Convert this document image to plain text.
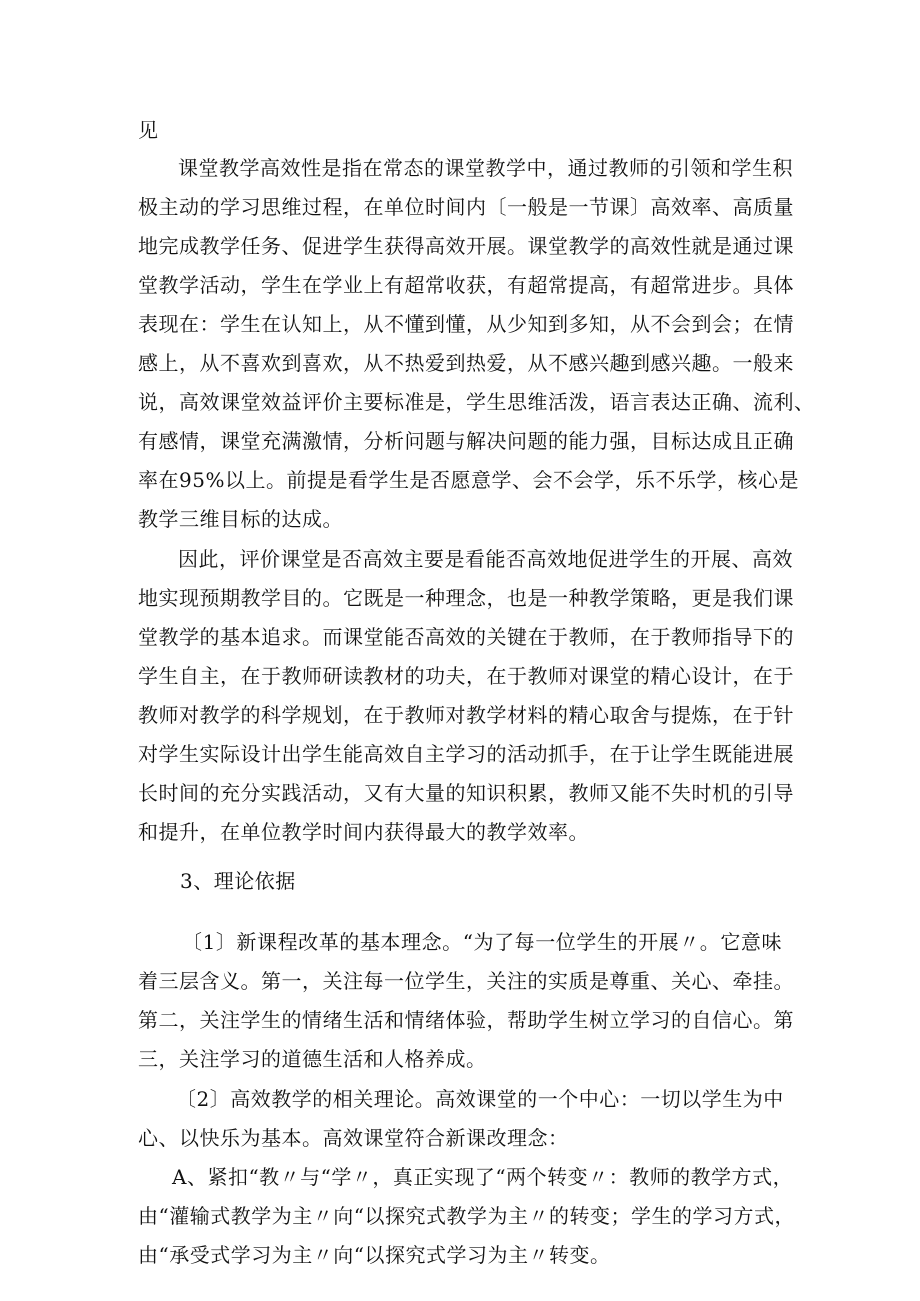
见
课堂教学高效性是指在常态的课堂教学中，通过教师的引领和学生积
极主动的学习思维过程，在单位时间内〔一般是一节课〕高效率、高质量
地完成教学任务、促进学生获得高效开展。课堂教学的高效性就是通过课
堂教学活动，学生在学业上有超常收获，有超常提高，有超常进步。具体
表现在：学生在认知上，从不懂到懂，从少知到多知，从不会到会；在情
感上，从不喜欢到喜欢，从不热爱到热爱，从不感兴趣到感兴趣。一般来
说，高效课堂效益评价主要标准是，学生思维活泼，语言表达正确、流利、
有感情，课堂充满激情，分析问题与解决问题的能力强，目标达成且正确
率在95%以上。前提是看学生是否愿意学、会不会学，乐不乐学，核心是
教学三维目标的达成。
因此，评价课堂是否高效主要是看能否高效地促进学生的开展、高效
地实现预期教学目的。它既是一种理念，也是一种教学策略，更是我们课
堂教学的基本追求。而课堂能否高效的关键在于教师，在于教师指导下的
学生自主，在于教师研读教材的功夫，在于教师对课堂的精心设计，在于
教师对教学的科学规划，在于教师对教学材料的精心取舍与提炼，在于针
对学生实际设计出学生能高效自主学习的活动抓手，在于让学生既能进展
长时间的充分实践活动，又有大量的知识积累，教师又能不失时机的引导
和提升，在单位教学时间内获得最大的教学效率。
3、理论依据
〔1〕新课程改革的基本理念。“为了每一位学生的开展〃。它意味
着三层含义。第一，关注每一位学生，关注的实质是尊重、关心、牵挂。
第二，关注学生的情绪生活和情绪体验，帮助学生树立学习的自信心。第
三，关注学习的道德生活和人格养成。
〔2〕高效教学的相关理论。高效课堂的一个中心：一切以学生为中
心、以快乐为基本。高效课堂符合新课改理念：
A、紧扣“教〃与“学〃，真正实现了“两个转变〃：教师的教学方式，
由“灌输式教学为主〃向“以探究式教学为主〃的转变；学生的学习方式，
由“承受式学习为主〃向“以探究式学习为主〃转变。
